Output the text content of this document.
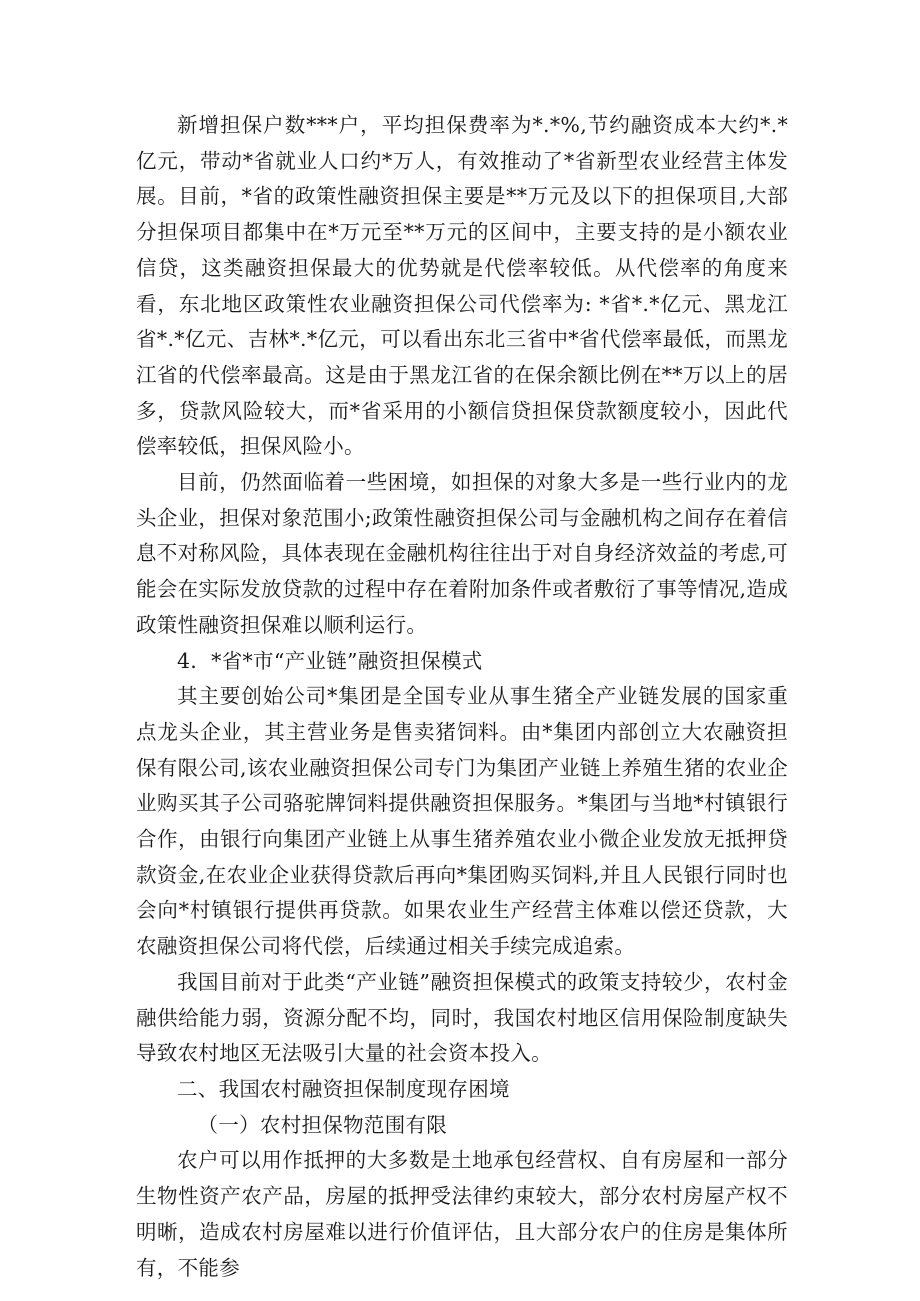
新增担保户数***户，平均担保费率为*.*%,节约融资成本大约*.*亿元，带动*省就业人口约*万人，有效推动了*省新型农业经营主体发展。目前，*省的政策性融资担保主要是**万元及以下的担保项目,大部分担保项目都集中在*万元至**万元的区间中，主要支持的是小额农业信贷，这类融资担保最大的优势就是代偿率较低。从代偿率的角度来看，东北地区政策性农业融资担保公司代偿率为: *省*.*亿元、黑龙江省*.*亿元、吉林*.*亿元，可以看出东北三省中*省代偿率最低，而黑龙江省的代偿率最高。这是由于黑龙江省的在保余额比例在**万以上的居多，贷款风险较大，而*省采用的小额信贷担保贷款额度较小，因此代偿率较低，担保风险小。

目前，仍然面临着一些困境，如担保的对象大多是一些行业内的龙头企业，担保对象范围小;政策性融资担保公司与金融机构之间存在着信息不对称风险，具体表现在金融机构往往出于对自身经济效益的考虑,可能会在实际发放贷款的过程中存在着附加条件或者敷衍了事等情况,造成政策性融资担保难以顺利运行。

4．*省*市“产业链”融资担保模式

其主要创始公司*集团是全国专业从事生猪全产业链发展的国家重点龙头企业，其主营业务是售卖猪饲料。由*集团内部创立大农融资担保有限公司,该农业融资担保公司专门为集团产业链上养殖生猪的农业企业购买其子公司骆驼牌饲料提供融资担保服务。*集团与当地*村镇银行合作，由银行向集团产业链上从事生猪养殖农业小微企业发放无抵押贷款资金,在农业企业获得贷款后再向*集团购买饲料,并且人民银行同时也会向*村镇银行提供再贷款。如果农业生产经营主体难以偿还贷款，大农融资担保公司将代偿，后续通过相关手续完成追索。

我国目前对于此类“产业链”融资担保模式的政策支持较少，农村金融供给能力弱，资源分配不均，同时，我国农村地区信用保险制度缺失导致农村地区无法吸引大量的社会资本投入。

二、我国农村融资担保制度现存困境

（一）农村担保物范围有限

农户可以用作抵押的大多数是土地承包经营权、自有房屋和一部分生物性资产农产品，房屋的抵押受法律约束较大，部分农村房屋产权不明晰，造成农村房屋难以进行价值评估，且大部分农户的住房是集体所有，不能参
